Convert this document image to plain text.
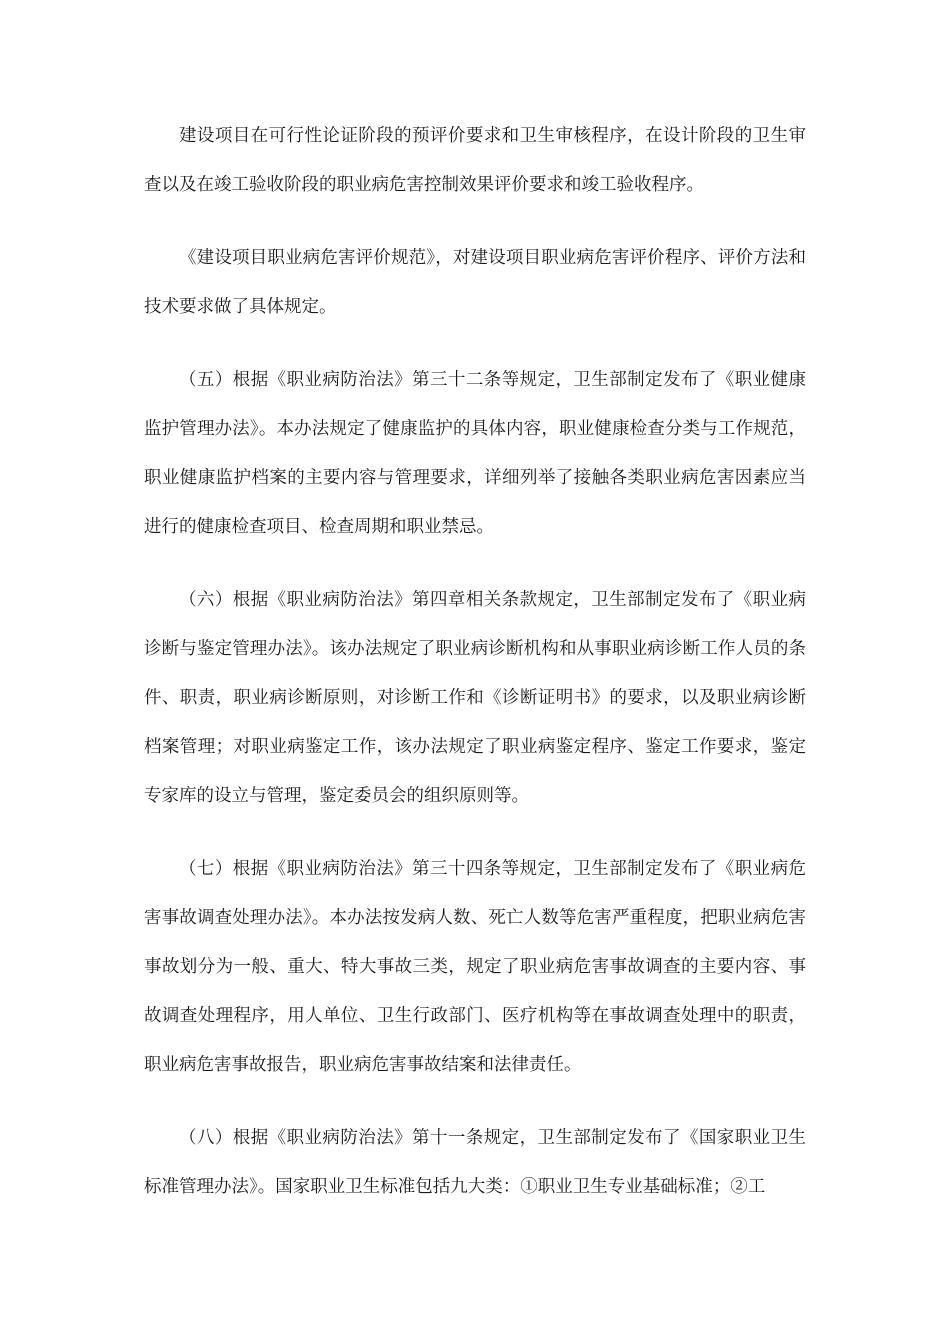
建设项目在可行性论证阶段的预评价要求和卫生审核程序，在设计阶段的卫生审查以及在竣工验收阶段的职业病危害控制效果评价要求和竣工验收程序。

《建设项目职业病危害评价规范》，对建设项目职业病危害评价程序、评价方法和技术要求做了具体规定。

（五）根据《职业病防治法》第三十二条等规定，卫生部制定发布了《职业健康监护管理办法》。本办法规定了健康监护的具体内容，职业健康检查分类与工作规范，职业健康监护档案的主要内容与管理要求，详细列举了接触各类职业病危害因素应当进行的健康检查项目、检查周期和职业禁忌。

（六）根据《职业病防治法》第四章相关条款规定，卫生部制定发布了《职业病诊断与鉴定管理办法》。该办法规定了职业病诊断机构和从事职业病诊断工作人员的条件、职责，职业病诊断原则，对诊断工作和《诊断证明书》的要求，以及职业病诊断档案管理；对职业病鉴定工作，该办法规定了职业病鉴定程序、鉴定工作要求，鉴定专家库的设立与管理，鉴定委员会的组织原则等。

（七）根据《职业病防治法》第三十四条等规定，卫生部制定发布了《职业病危害事故调查处理办法》。本办法按发病人数、死亡人数等危害严重程度，把职业病危害事故划分为一般、重大、特大事故三类，规定了职业病危害事故调查的主要内容、事故调查处理程序，用人单位、卫生行政部门、医疗机构等在事故调查处理中的职责，职业病危害事故报告，职业病危害事故结案和法律责任。

（八）根据《职业病防治法》第十一条规定，卫生部制定发布了《国家职业卫生标准管理办法》。国家职业卫生标准包括九大类：①职业卫生专业基础标准；②工
